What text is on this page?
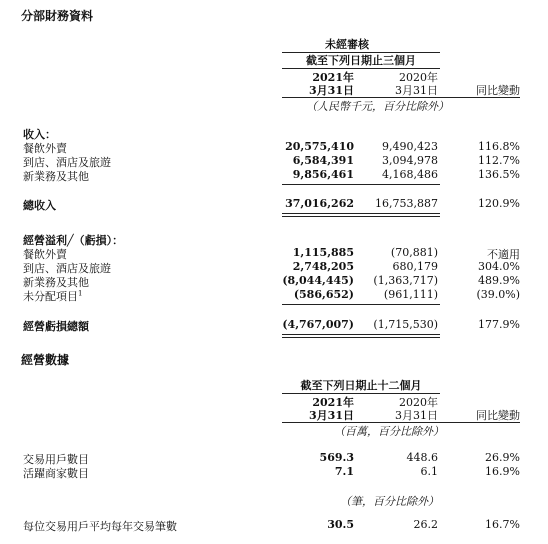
分部財務資料
未經審核
截至下列日期止三個月
2021年
3月31日
2020年
3月31日	同比變動
（人民幣千元，百分比除外）
收入：
餐飲外賣	20,575,410	9,490,423	116.8%
到店、酒店及旅遊	6,584,391	3,094,978	112.7%
新業務及其他	9,856,461	4,168,486	136.5%
總收入	37,016,262	16,753,887	120.9%
經營溢利╱（虧損）：
餐飲外賣	1,115,885	(70,881)	不適用
到店、酒店及旅遊	2,748,205	680,179	304.0%
新業務及其他	(8,044,445)	(1,363,717)	489.9%
未分配項目$^1$	(586,652)	(961,111)	(39.0%)
經營虧損總額	(4,767,007)	(1,715,530)	177.9%
經營數據
截至下列日期止十二個月
2021年
3月31日
2020年
3月31日	同比變動
（百萬，百分比除外）
交易用戶數目	569.3	448.6	26.9%
活躍商家數目	7.1	6.1	16.9%
（筆，百分比除外）
每位交易用戶平均每年交易筆數	30.5	26.2	16.7%
